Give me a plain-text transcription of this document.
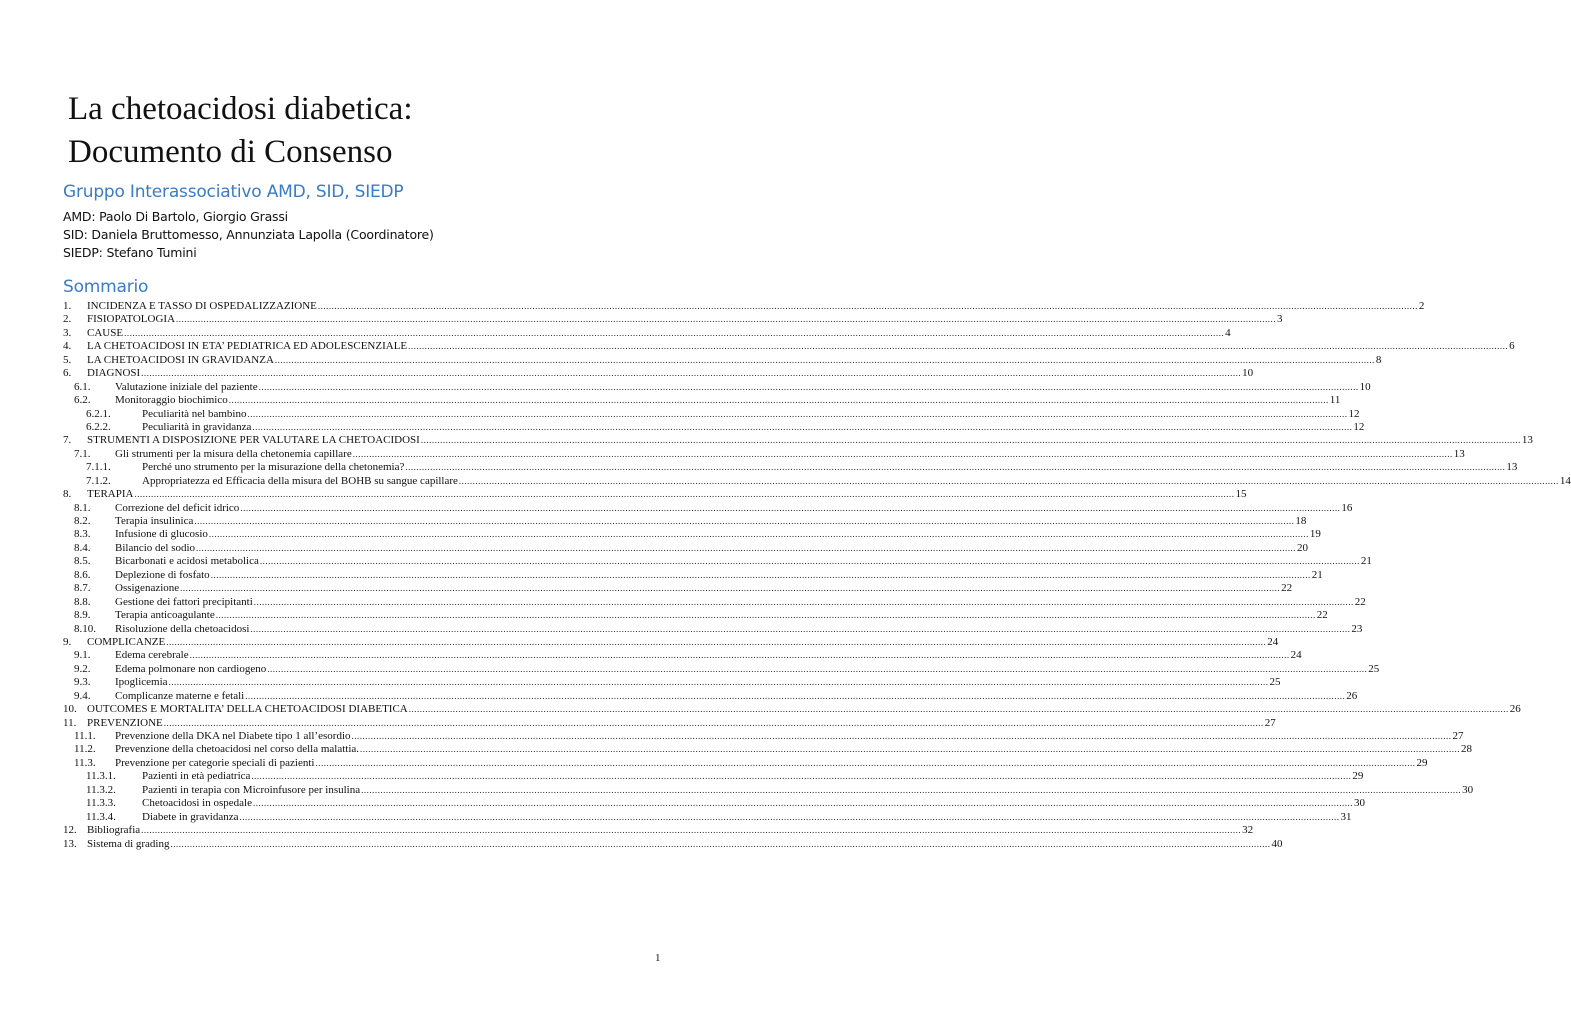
La chetoacidosi diabetica:
Documento di Consenso
Gruppo Interassociativo AMD, SID, SIEDP
AMD: Paolo Di Bartolo, Giorgio Grassi
SID: Daniela Bruttomesso, Annunziata Lapolla (Coordinatore)
SIEDP: Stefano Tumini
Sommario
1.	INCIDENZA E TASSO DI OSPEDALIZZAZIONE ................................................................................................................................................................................................................................................................................................................................................................................................................ 2
2.	FISIOPATOLOGIA ................................................................................................................................................................................................................................................................................................................................................................................................................ 3
3.	CAUSE ................................................................................................................................................................................................................................................................................................................................................................................................................ 4
4.	LA CHETOACIDOSI IN ETA’ PEDIATRICA ED ADOLESCENZIALE ................................................................................................................................................................................................................................................................................................................................................................................................................ 6
5.	LA CHETOACIDOSI IN GRAVIDANZA ................................................................................................................................................................................................................................................................................................................................................................................................................ 8
6.	DIAGNOSI ................................................................................................................................................................................................................................................................................................................................................................................................................ 10
6.1.	Valutazione iniziale del paziente ................................................................................................................................................................................................................................................................................................................................................................................................................ 10
6.2.	Monitoraggio biochimico ................................................................................................................................................................................................................................................................................................................................................................................................................ 11
6.2.1.	Peculiarità nel bambino ................................................................................................................................................................................................................................................................................................................................................................................................................ 12
6.2.2.	Peculiarità in gravidanza ................................................................................................................................................................................................................................................................................................................................................................................................................ 12
7.	STRUMENTI A DISPOSIZIONE PER VALUTARE LA CHETOACIDOSI ................................................................................................................................................................................................................................................................................................................................................................................................................ 13
7.1.	Gli strumenti per la misura della chetonemia capillare ................................................................................................................................................................................................................................................................................................................................................................................................................ 13
7.1.1.	Perché uno strumento per la misurazione della chetonemia? ................................................................................................................................................................................................................................................................................................................................................................................................................ 13
7.1.2.	Appropriatezza ed Efficacia della misura del BOHB su sangue capillare ................................................................................................................................................................................................................................................................................................................................................................................................................ 14
8.	TERAPIA ................................................................................................................................................................................................................................................................................................................................................................................................................ 15
8.1.	Correzione del deficit idrico ................................................................................................................................................................................................................................................................................................................................................................................................................ 16
8.2.	Terapia insulinica ................................................................................................................................................................................................................................................................................................................................................................................................................ 18
8.3.	Infusione di glucosio ................................................................................................................................................................................................................................................................................................................................................................................................................ 19
8.4.	Bilancio del sodio ................................................................................................................................................................................................................................................................................................................................................................................................................ 20
8.5.	Bicarbonati e acidosi metabolica ................................................................................................................................................................................................................................................................................................................................................................................................................ 21
8.6.	Deplezione di fosfato ................................................................................................................................................................................................................................................................................................................................................................................................................ 21
8.7.	Ossigenazione ................................................................................................................................................................................................................................................................................................................................................................................................................ 22
8.8.	Gestione dei fattori precipitanti ................................................................................................................................................................................................................................................................................................................................................................................................................ 22
8.9.	Terapia anticoagulante ................................................................................................................................................................................................................................................................................................................................................................................................................ 22
8.10.	Risoluzione della chetoacidosi ................................................................................................................................................................................................................................................................................................................................................................................................................ 23
9.	COMPLICANZE ................................................................................................................................................................................................................................................................................................................................................................................................................ 24
9.1.	Edema cerebrale ................................................................................................................................................................................................................................................................................................................................................................................................................ 24
9.2.	Edema polmonare non cardiogeno ................................................................................................................................................................................................................................................................................................................................................................................................................ 25
9.3.	Ipoglicemia ................................................................................................................................................................................................................................................................................................................................................................................................................ 25
9.4.	Complicanze materne e fetali ................................................................................................................................................................................................................................................................................................................................................................................................................ 26
10. OUTCOMES E MORTALITA’ DELLA CHETOACIDOSI DIABETICA ................................................................................................................................................................................................................................................................................................................................................................................................................ 26
11. PREVENZIONE ................................................................................................................................................................................................................................................................................................................................................................................................................ 27
11.1.	Prevenzione della DKA nel Diabete tipo 1 all’esordio ................................................................................................................................................................................................................................................................................................................................................................................................................ 27
11.2.	Prevenzione della chetoacidosi nel corso della malattia. ................................................................................................................................................................................................................................................................................................................................................................................................................ 28
11.3.	Prevenzione per categorie speciali di pazienti ................................................................................................................................................................................................................................................................................................................................................................................................................ 29
11.3.1.	Pazienti in età pediatrica ................................................................................................................................................................................................................................................................................................................................................................................................................ 29
11.3.2.	Pazienti in terapia con Microinfusore per insulina ................................................................................................................................................................................................................................................................................................................................................................................................................ 30
11.3.3.	Chetoacidosi in ospedale ................................................................................................................................................................................................................................................................................................................................................................................................................ 30
11.3.4.	Diabete in gravidanza ................................................................................................................................................................................................................................................................................................................................................................................................................ 31
12. Bibliografia ................................................................................................................................................................................................................................................................................................................................................................................................................ 32
13. Sistema di grading ................................................................................................................................................................................................................................................................................................................................................................................................................ 40
1
